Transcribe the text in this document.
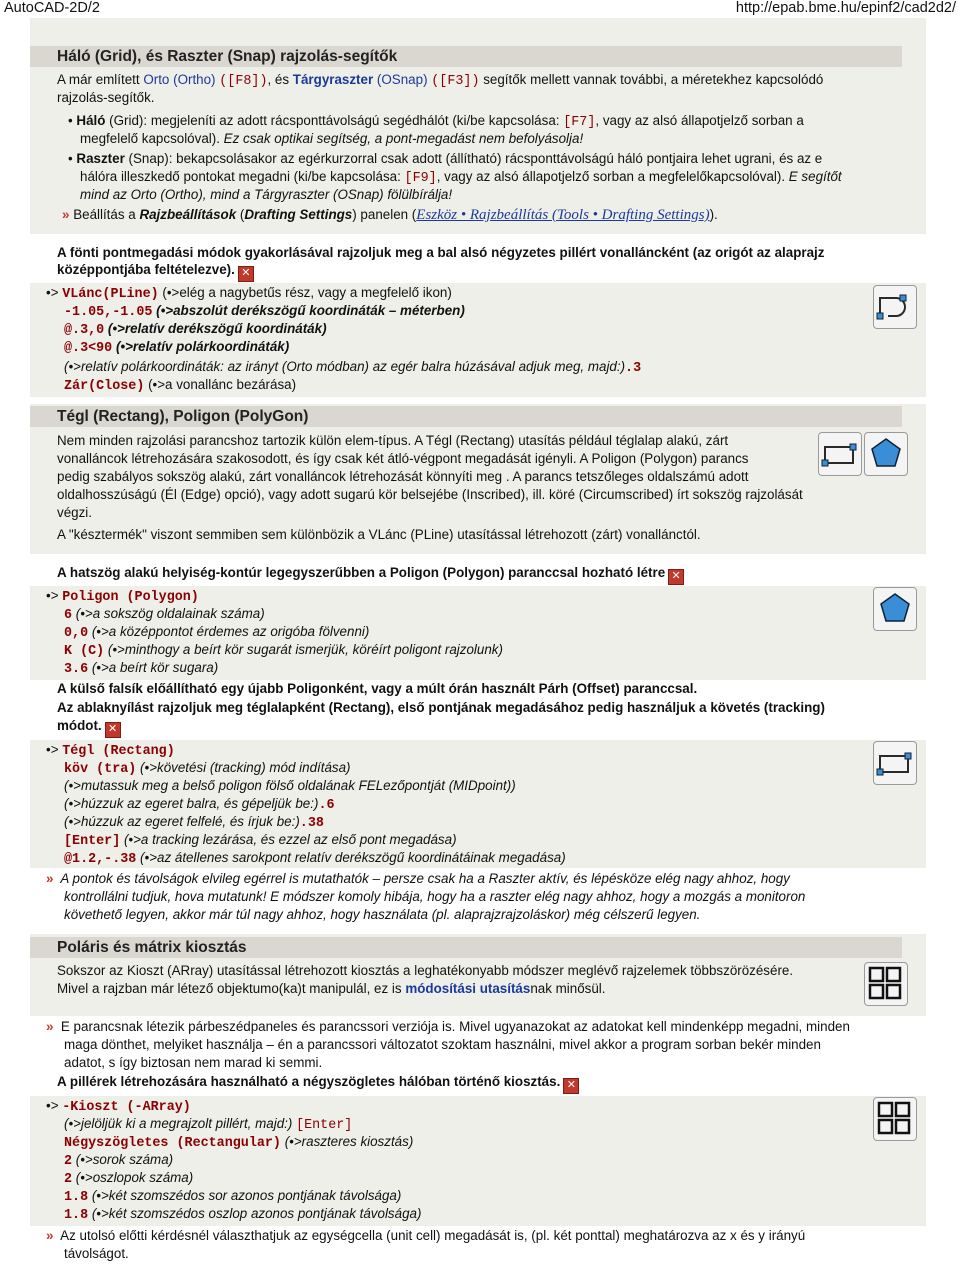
AutoCAD-2D/2	http://epab.bme.hu/epinf2/cad2d2/
Háló (Grid), és Raszter (Snap) rajzolás-segítők
A már említett Orto (Ortho) ([F8]), és Tárgyraszter (OSnap) ([F3]) segítők mellett vannak további, a méretekhez kapcsolódó
rajzolás-segítők.
• Háló (Grid): megjeleníti az adott rácsponttávolságú segédhálót (ki/be kapcsolása: [F7], vagy az alsó állapotjelző sorban a
megfelelő kapcsolóval). Ez csak optikai segítség, a pont-megadást nem befolyásolja!
• Raszter (Snap): bekapcsolásakor az egérkurzorral csak adott (állítható) rácsponttávolságú háló pontjaira lehet ugrani, és az e
hálóra illeszkedő pontokat megadni (ki/be kapcsolása: [F9], vagy az alsó állapotjelző sorban a megfelelőkapcsolóval). E segítőt
mind az Orto (Ortho), mind a Tárgyraszter (OSnap) fölülbírálja!
» Beállítás a Rajzbeállítások (Drafting Settings) panelen (Eszköz • Rajzbeállítás (Tools • Drafting Settings)).
A fönti pontmegadási módok gyakorlásával rajzoljuk meg a bal alsó négyzetes pillért vonalláncként (az origót az alaprajz
középpontjába feltételezve). ✕
•> VLánc(PLine) (•>elég a nagybetűs rész, vagy a megfelelő ikon)
-1.05,-1.05 (•>abszolút derékszögű koordináták – méterben)
@.3,0 (•>relatív derékszögű koordináták)
@.3<90 (•>relatív polárkoordináták)
(•>relatív polárkoordináták: az irányt (Orto módban) az egér balra húzásával adjuk meg, majd:).3
Zár(Close) (•>a vonallánc bezárása)
Tégl (Rectang), Poligon (PolyGon)
Nem minden rajzolási parancshoz tartozik külön elem-típus. A Tégl (Rectang) utasítás például téglalap alakú, zárt
vonalláncok létrehozására szakosodott, és így csak két átló-végpont megadását igényli. A Poligon (Polygon) parancs
pedig szabályos sokszög alakú, zárt vonalláncok létrehozását könnyíti meg . A parancs tetszőleges oldalszámú adott
oldalhosszúságú (Él (Edge) opció), vagy adott sugarú kör belsejébe (Inscribed), ill. köré (Circumscribed) írt sokszög rajzolását
végzi.
A "késztermék" viszont semmiben sem különbözik a VLánc (PLine) utasítással létrehozott (zárt) vonallánctól.
A hatszög alakú helyiség-kontúr legegyszerűbben a Poligon (Polygon) paranccsal hozható létre ✕
•> Poligon (Polygon)
6 (•>a sokszög oldalainak száma)
0,0 (•>a középpontot érdemes az origóba fölvenni)
K (C) (•>minthogy a beírt kör sugarát ismerjük, köréírt poligont rajzolunk)
3.6 (•>a beírt kör sugara)
A külső falsík előállítható egy újabb Poligonként, vagy a múlt órán használt Párh (Offset) paranccsal.
Az ablaknyílást rajzoljuk meg téglalapként (Rectang), első pontjának megadásához pedig használjuk a követés (tracking)
módot. ✕
•> Tégl (Rectang)
köv (tra) (•>követési (tracking) mód indítása)
(•>mutassuk meg a belső poligon fölső oldalának FELezőpontját (MIDpoint))
(•>húzzuk az egeret balra, és gépeljük be:).6
(•>húzzuk az egeret felfelé, és írjuk be:).38
[Enter] (•>a tracking lezárása, és ezzel az első pont megadása)
@1.2,-.38 (•>az átellenes sarokpont relatív derékszögű koordinátáinak megadása)
» A pontok és távolságok elvileg egérrel is mutathatók – persze csak ha a Raszter aktív, és lépésköze elég nagy ahhoz, hogy
kontrollálni tudjuk, hova mutatunk! E módszer komoly hibája, hogy ha a raszter elég nagy ahhoz, hogy a mozgás a monitoron
követhető legyen, akkor már túl nagy ahhoz, hogy használata (pl. alaprajzrajzoláskor) még célszerű legyen.
Poláris és mátrix kiosztás
Sokszor az Kioszt (ARray) utasítással létrehozott kiosztás a leghatékonyabb módszer meglévő rajzelemek többszörözésére.
Mivel a rajzban már létező objektumo(ka)t manipulál, ez is módosítási utasításnak minősül.
» E parancsnak létezik párbeszédpaneles és parancssori verziója is. Mivel ugyanazokat az adatokat kell mindenképp megadni, minden
maga dönthet, melyiket használja – én a parancssori változatot szoktam használni, mivel akkor a program sorban bekér minden
adatot, s így biztosan nem marad ki semmi.
A pillérek létrehozására használható a négyszögletes hálóban történő kiosztás. ✕
•> -Kioszt (-ARray)
(•>jelöljük ki a megrajzolt pillért, majd:) [Enter]
Négyszögletes (Rectangular) (•>raszteres kiosztás)
2 (•>sorok száma)
2 (•>oszlopok száma)
1.8 (•>két szomszédos sor azonos pontjának távolsága)
1.8 (•>két szomszédos oszlop azonos pontjának távolsága)
» Az utolsó előtti kérdésnél választhatjuk az egységcella (unit cell) megadását is, (pl. két ponttal) meghatározva az x és y irányú
távolságot.
